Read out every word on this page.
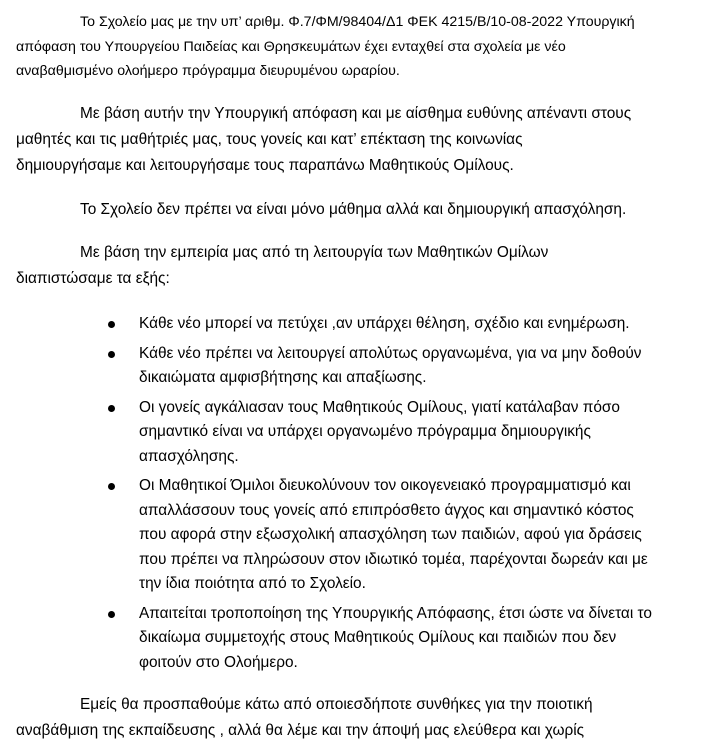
Το Σχολείο μας με την υπ’ αριθμ. Φ.7/ΦΜ/98404/Δ1 ΦΕΚ 4215/Β/10-08-2022 Υπουργική
απόφαση του Υπουργείου Παιδείας και Θρησκευμάτων έχει ενταχθεί στα σχολεία με νέο
αναβαθμισμένο ολοήμερο πρόγραμμα διευρυμένου ωραρίου.
Με βάση αυτήν την Υπουργική απόφαση και με αίσθημα ευθύνης απέναντι στους
μαθητές και τις μαθήτριές μας, τους γονείς και κατ’ επέκταση της κοινωνίας
δημιουργήσαμε και λειτουργήσαμε τους παραπάνω Μαθητικούς Ομίλους.
Το Σχολείο δεν πρέπει να είναι μόνο μάθημα αλλά και δημιουργική απασχόληση.
Με βάση την εμπειρία μας από τη λειτουργία των Μαθητικών Ομίλων
διαπιστώσαμε τα εξής:
Κάθε νέο μπορεί να πετύχει ,αν υπάρχει θέληση, σχέδιο και ενημέρωση.
Κάθε νέο πρέπει να λειτουργεί απολύτως οργανωμένα, για να μην δοθούν
δικαιώματα αμφισβήτησης και απαξίωσης.
Οι γονείς αγκάλιασαν τους Μαθητικούς Ομίλους, γιατί κατάλαβαν πόσο
σημαντικό είναι να υπάρχει οργανωμένο πρόγραμμα δημιουργικής
απασχόλησης.
Οι Μαθητικοί Όμιλοι διευκολύνουν τον οικογενειακό προγραμματισμό και
απαλλάσσουν τους γονείς από επιπρόσθετο άγχος και σημαντικό κόστος
που αφορά στην εξωσχολική απασχόληση των παιδιών, αφού για δράσεις
που πρέπει να πληρώσουν στον ιδιωτικό τομέα, παρέχονται δωρεάν και με
την ίδια ποιότητα από το Σχολείο.
Απαιτείται τροποποίηση της Υπουργικής Απόφασης, έτσι ώστε να δίνεται το
δικαίωμα συμμετοχής στους Μαθητικούς Ομίλους και παιδιών που δεν
φοιτούν στο Ολοήμερο.
Εμείς θα προσπαθούμε κάτω από οποιεσδήποτε συνθήκες για την ποιοτική
αναβάθμιση της εκπαίδευσης , αλλά θα λέμε και την άποψή μας ελεύθερα και χωρίς
